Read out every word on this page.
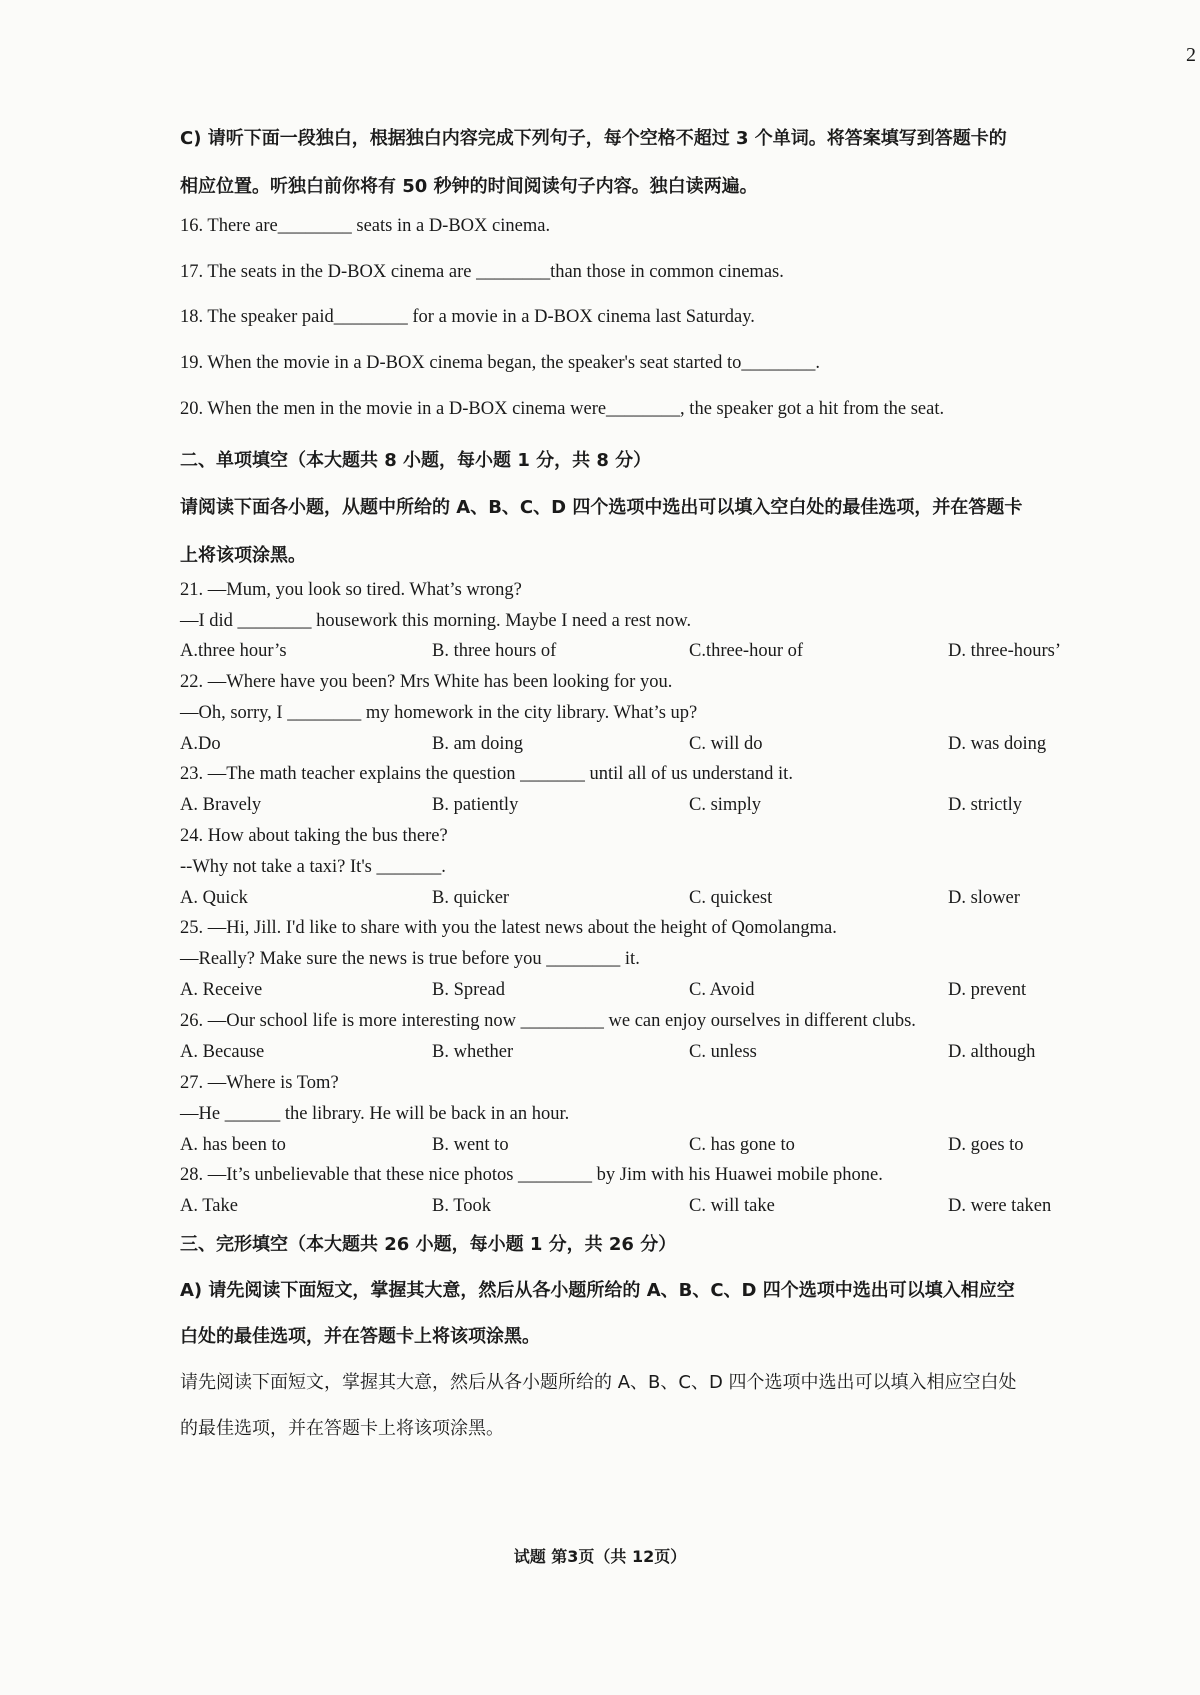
2
C) 请听下面一段独白，根据独白内容完成下列句子，每个空格不超过 3 个单词。将答案填写到答题卡的
相应位置。听独白前你将有 50 秒钟的时间阅读句子内容。独白读两遍。
16. There are________ seats in a D-BOX cinema.
17. The seats in the D-BOX cinema are ________than those in common cinemas.
18. The speaker paid________ for a movie in a D-BOX cinema last Saturday.
19. When the movie in a D-BOX cinema began, the speaker's seat started to________.
20. When the men in the movie in a D-BOX cinema were________, the speaker got a hit from the seat.
二、单项填空（本大题共 8 小题，每小题 1 分，共 8 分）
请阅读下面各小题，从题中所给的 A、B、C、D 四个选项中选出可以填入空白处的最佳选项，并在答题卡
上将该项涂黑。
21. —Mum, you look so tired. What’s wrong?
—I did ________ housework this morning. Maybe I need a rest now.
A.three hour’s	B. three hours of	C.three-hour of	D. three-hours’
22. —Where have you been? Mrs White has been looking for you.
—Oh, sorry, I ________ my homework in the city library. What’s up?
A.Do	B. am doing	C. will do	D. was doing
23. —The math teacher explains the question _______ until all of us understand it.
A. Bravely	B. patiently	C. simply	D. strictly
24. How about taking the bus there?
--Why not take a taxi? It's _______.
A. Quick	B. quicker	C. quickest	D. slower
25. —Hi, Jill. I'd like to share with you the latest news about the height of Qomolangma.
—Really? Make sure the news is true before you ________ it.
A. Receive	B. Spread	C. Avoid	D. prevent
26. —Our school life is more interesting now _________ we can enjoy ourselves in different clubs.
A. Because	B. whether	C. unless	D. although
27. —Where is Tom?
—He ______ the library. He will be back in an hour.
A. has been to	B. went to	C. has gone to	D. goes to
28. —It’s unbelievable that these nice photos ________ by Jim with his Huawei mobile phone.
A. Take	B. Took	C. will take	D. were taken
三、完形填空（本大题共 26 小题，每小题 1 分，共 26 分）
A) 请先阅读下面短文，掌握其大意，然后从各小题所给的 A、B、C、D 四个选项中选出可以填入相应空
白处的最佳选项，并在答题卡上将该项涂黑。
请先阅读下面短文，掌握其大意，然后从各小题所给的 A、B、C、D 四个选项中选出可以填入相应空白处
的最佳选项，并在答题卡上将该项涂黑。
试题 第3页（共 12页）
